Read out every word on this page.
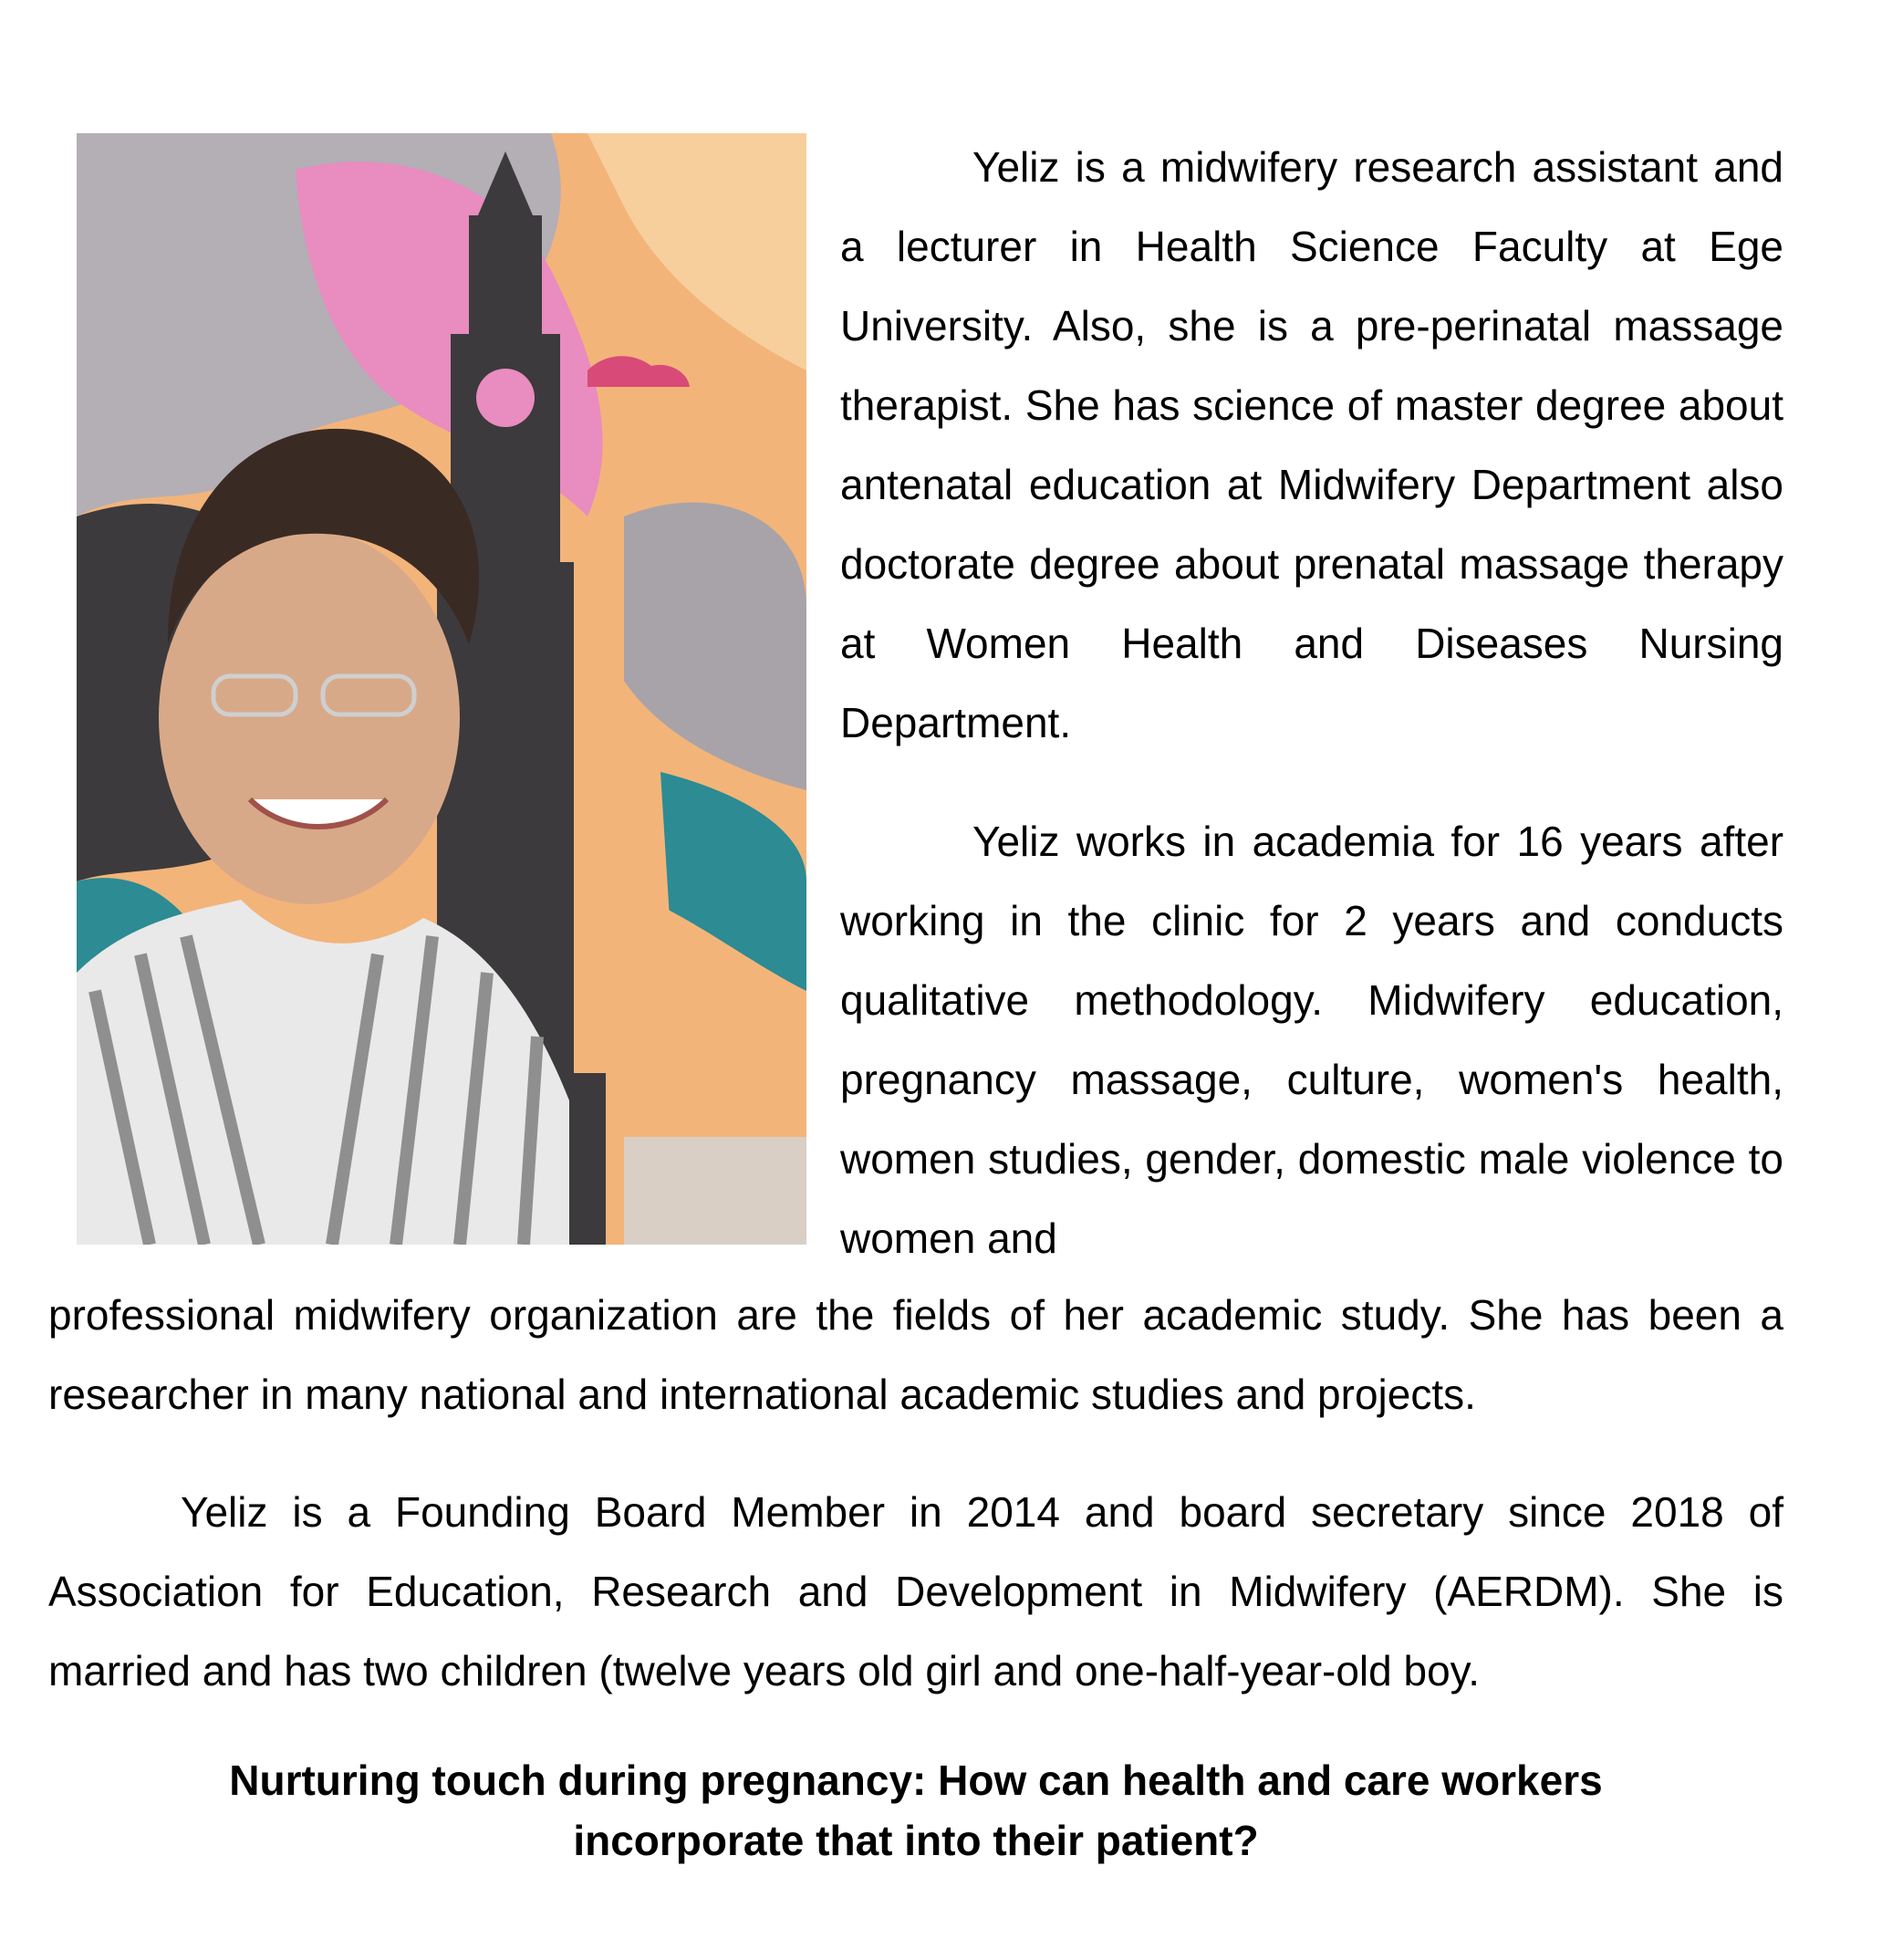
Yeliz is a midwifery research assistant and a lecturer in Health Science Faculty at Ege University. Also, she is a pre-perinatal massage therapist. She has science of master degree about antenatal education at Midwifery Department also doctorate degree about prenatal massage therapy at Women Health and Diseases Nursing Department.

Yeliz works in academia for 16 years after working in the clinic for 2 years and conducts qualitative methodology. Midwifery education, pregnancy massage, culture, women's health, women studies, gender, domestic male violence to women and

professional midwifery organization are the fields of her academic study. She has been a researcher in many national and international academic studies and projects.

Yeliz is a Founding Board Member in 2014 and board secretary since 2018 of Association for Education, Research and Development in Midwifery (AERDM). She is married and has two children (twelve years old girl and one-half-year-old boy.

Nurturing touch during pregnancy: How can health and care workers
incorporate that into their patient?
